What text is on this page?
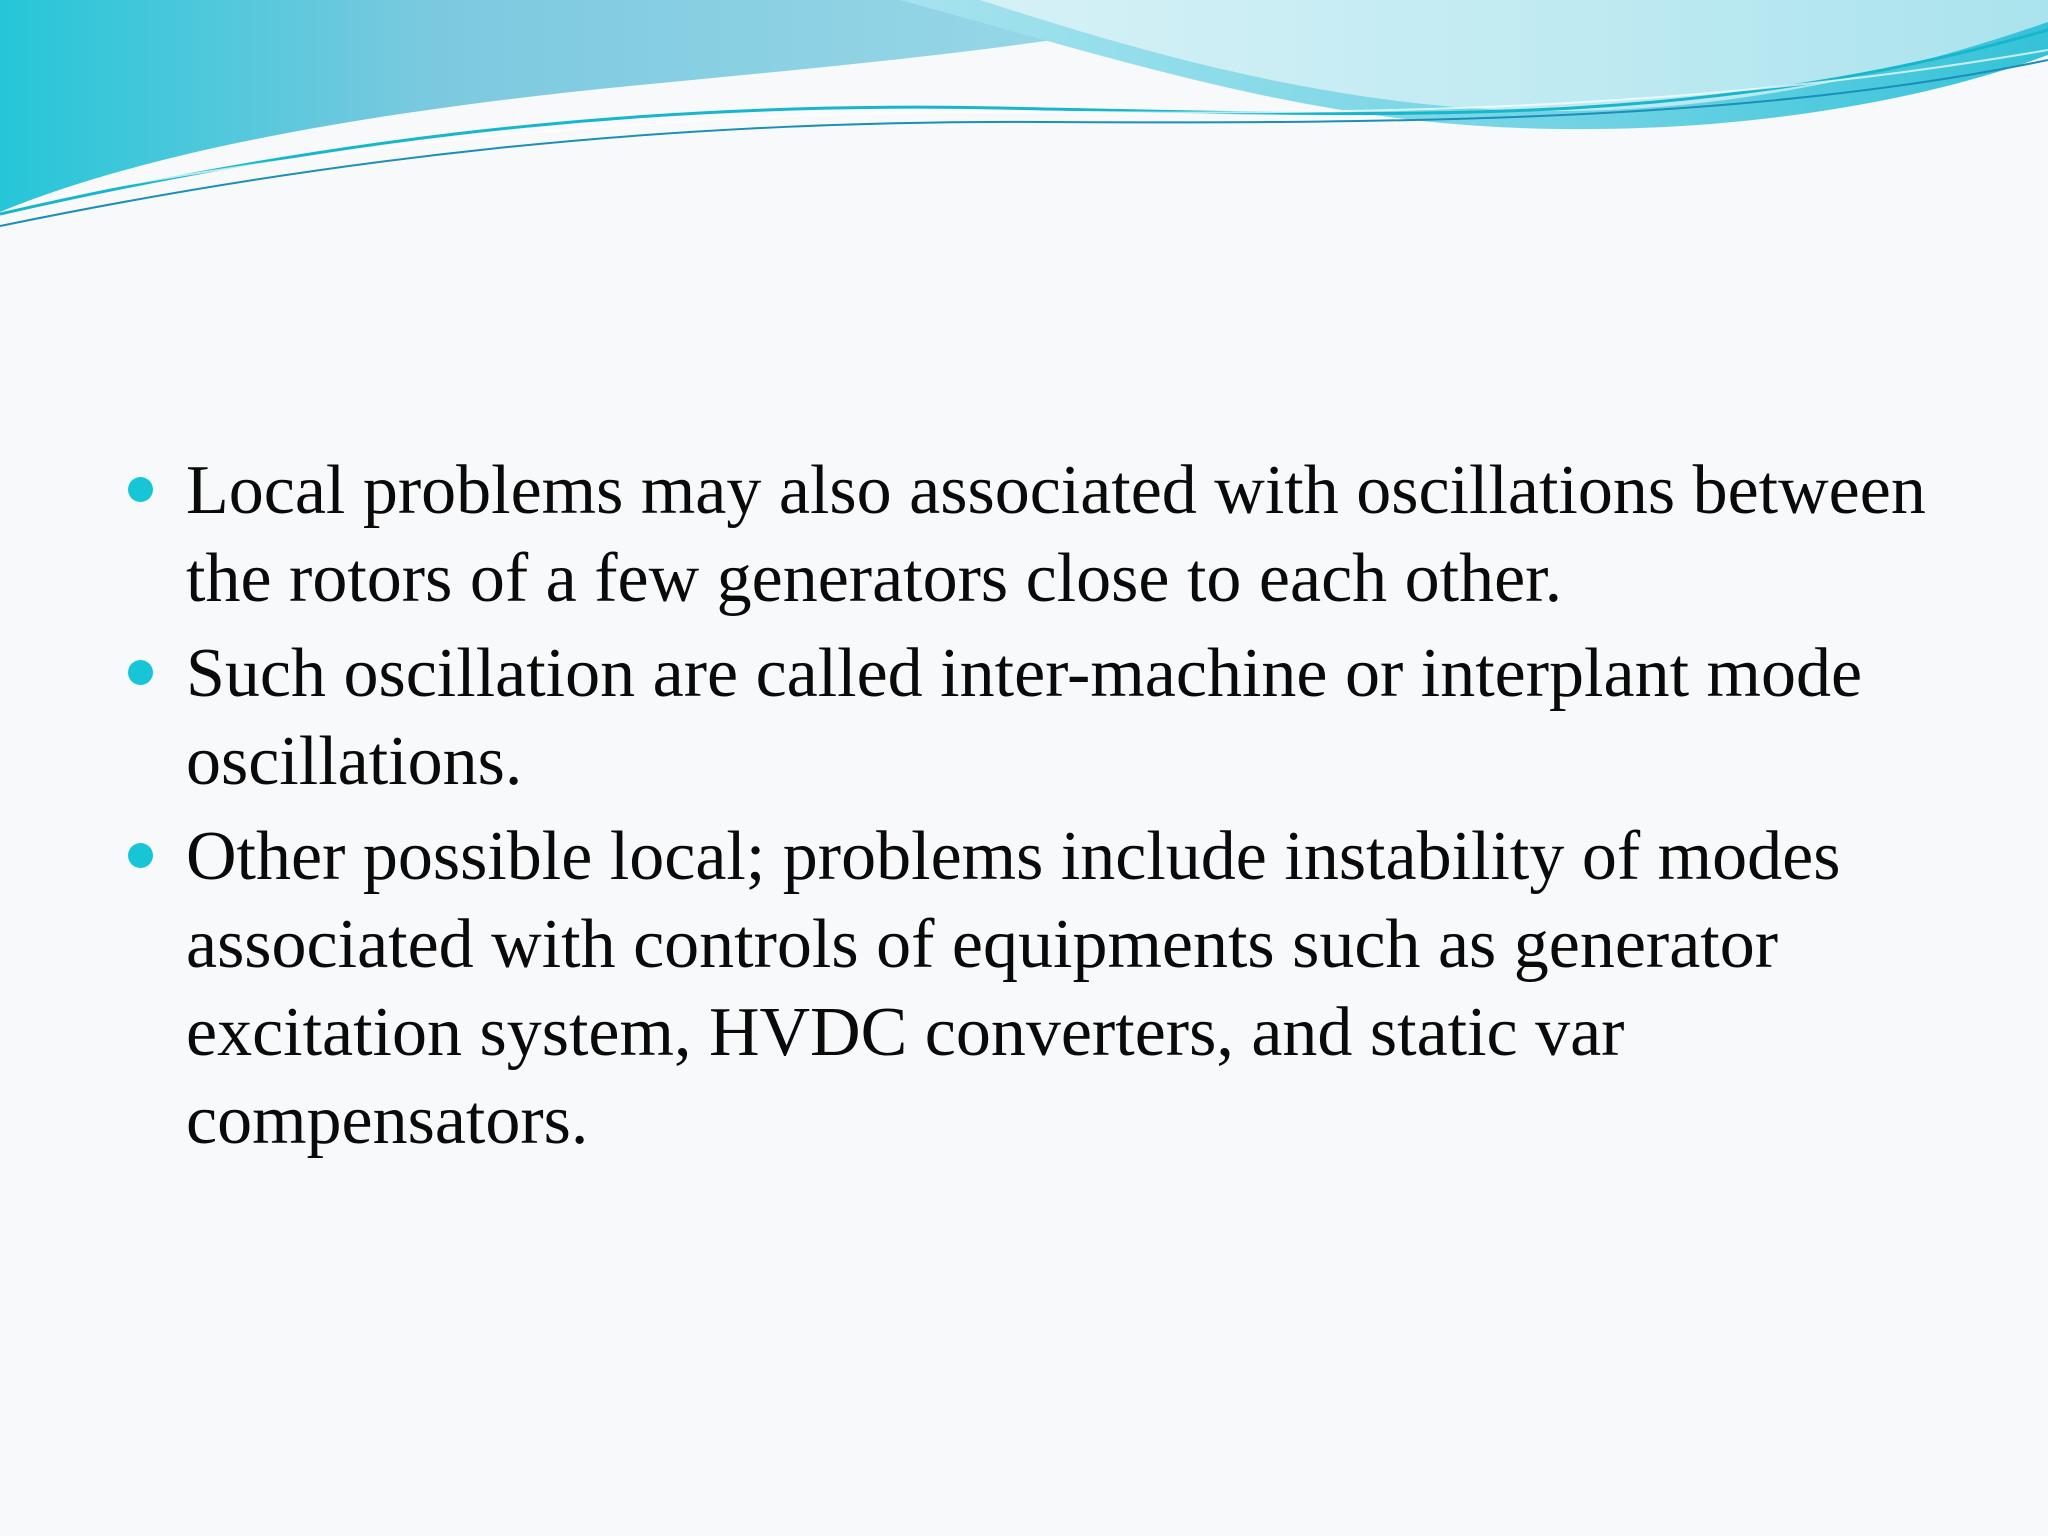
Local problems may also associated with oscillations between the rotors of a few generators close to each other.
Such oscillation are called inter-machine or interplant mode oscillations.
Other possible local; problems include instability of modes associated with controls of equipments such as generator excitation system, HVDC converters, and static var compensators.
